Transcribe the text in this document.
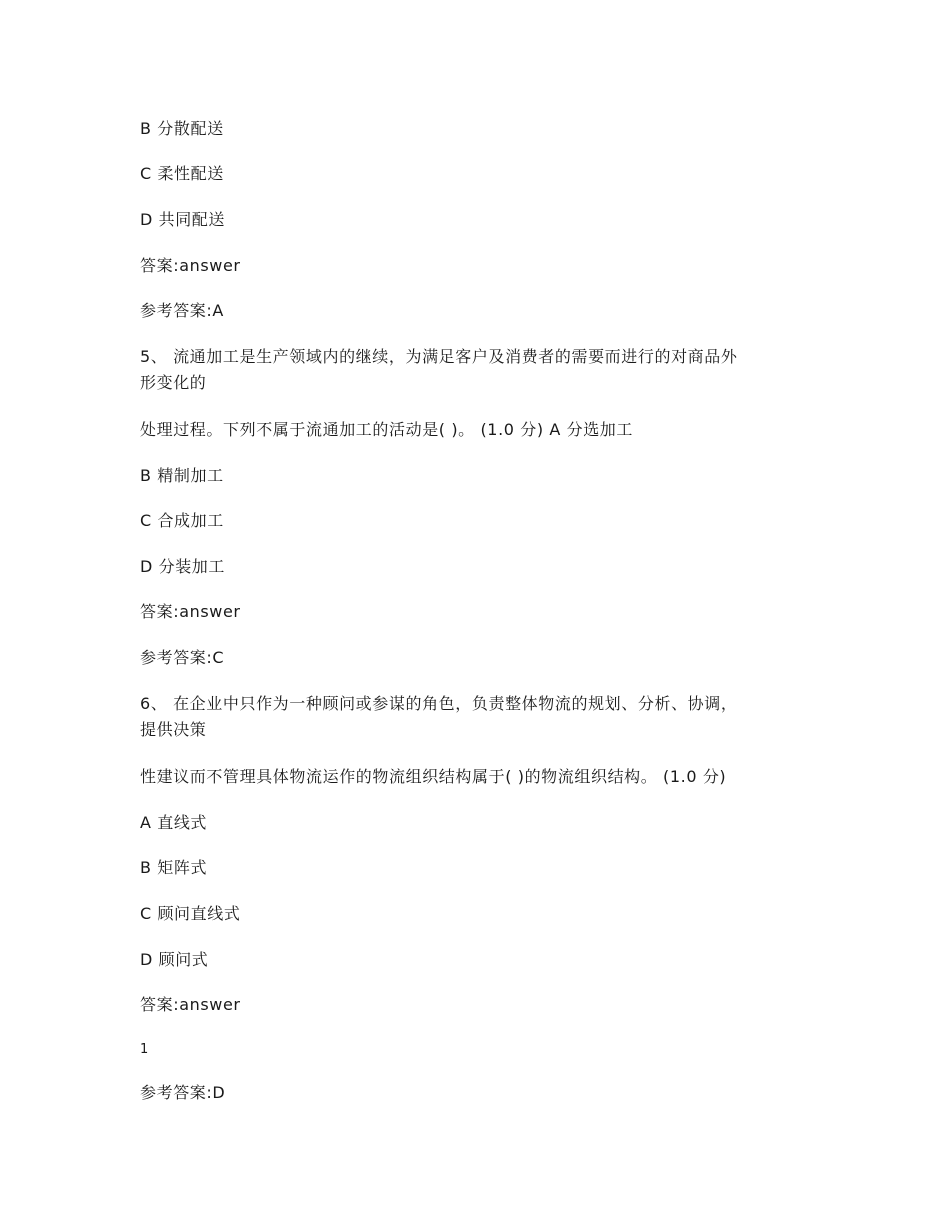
B 分散配送
C 柔性配送
D 共同配送
答案:answer
参考答案:A
5、 流通加工是生产领域内的继续，为满足客户及消费者的需要而进行的对商品外
形变化的
处理过程。下列不属于流通加工的活动是( )。 (1.0 分) A 分选加工
B 精制加工
C 合成加工
D 分装加工
答案:answer
参考答案:C
6、 在企业中只作为一种顾问或参谋的角色，负责整体物流的规划、分析、协调，
提供决策
性建议而不管理具体物流运作的物流组织结构属于( )的物流组织结构。 (1.0 分)
A 直线式
B 矩阵式
C 顾问直线式
D 顾问式
答案:answer
1
参考答案:D
